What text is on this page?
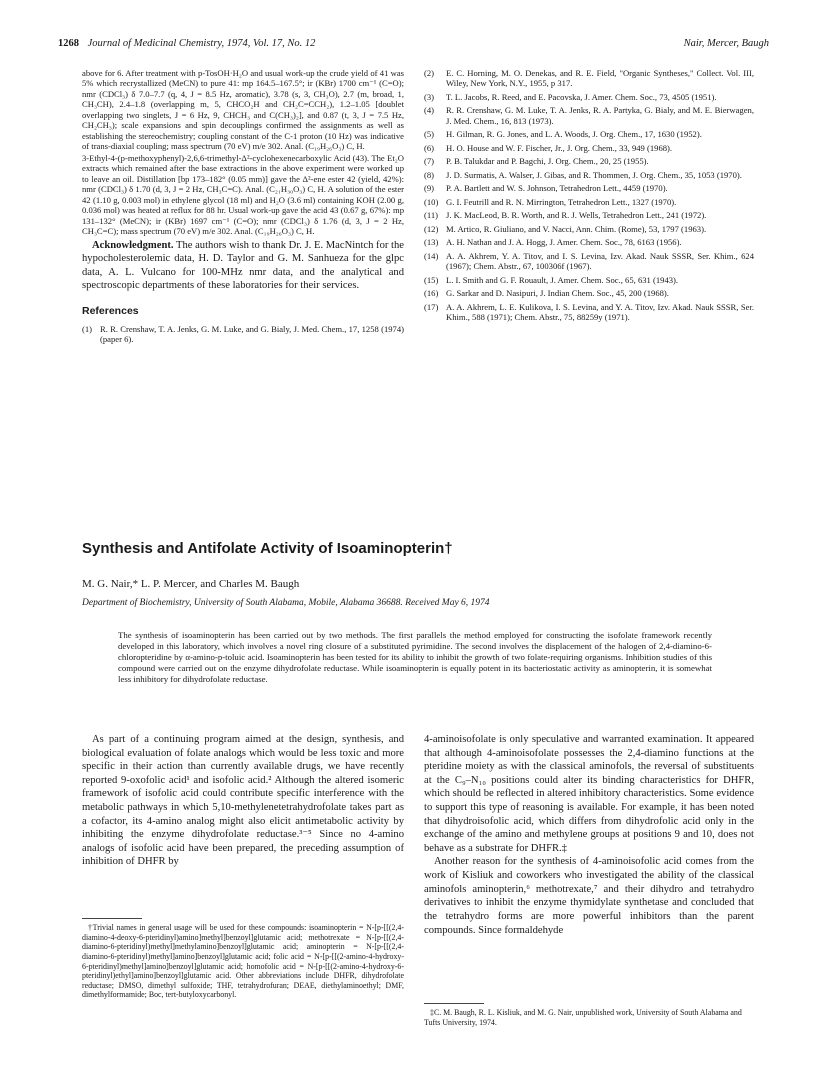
1268 Journal of Medicinal Chemistry, 1974, Vol. 17, No. 12	Nair, Mercer, Baugh

above for 6. After treatment with p-TosOH·H₂O and usual work-up the crude yield of 41 was 5% which recrystallized (MeCN) to pure 41: mp 164.5–167.5°; ir (KBr) 1700 cm⁻¹ (C=O); nmr (CDCl₃) δ 7.0–7.7 (q, 4, J = 8.5 Hz, aromatic), 3.78 (s, 3, CH₃O), 2.7 (m, broad, 1, CH₃CH), 2.4–1.8 (overlapping m, 5, CHCO₂H and CH₂C=CCH₂), 1.2–1.05 [doublet overlapping two singlets, J = 6 Hz, 9, CHCH₃ and C(CH₃)₂], and 0.87 (t, 3, J = 7.5 Hz, CH₂CH₃); scale expansions and spin decouplings confirmed the assignments as well as establishing the stereochemistry; coupling constant of the C-1 proton (10 Hz) was indicative of trans-diaxial coupling; mass spectrum (70 eV) m/e 302. Anal. (C₁₉H₂₆O₃) C, H.

3-Ethyl-4-(p-methoxyphenyl)-2,6,6-trimethyl-Δ²-cyclohexenecarboxylic Acid (43). The Et₂O extracts which remained after the base extractions in the above experiment were worked up to leave an oil. Distillation [bp 173–182° (0.05 mm)] gave the Δ²-ene ester 42 (yield, 42%): nmr (CDCl₃) δ 1.70 (d, 3, J = 2 Hz, CH₃C=C). Anal. (C₂₁H₃₀O₃) C, H. A solution of the ester 42 (1.10 g, 0.003 mol) in ethylene glycol (18 ml) and H₂O (3.6 ml) containing KOH (2.00 g, 0.036 mol) was heated at reflux for 88 hr. Usual work-up gave the acid 43 (0.67 g, 67%): mp 131–132° (MeCN); ir (KBr) 1697 cm⁻¹ (C=O); nmr (CDCl₃) δ 1.76 (d, 3, J = 2 Hz, CH₃C=C); mass spectrum (70 eV) m/e 302. Anal. (C₁₉H₂₆O₃) C, H.

Acknowledgment. The authors wish to thank Dr. J. E. MacNintch for the hypocholesterolemic data, H. D. Taylor and G. M. Sanhueza for the glpc data, A. L. Vulcano for 100-MHz nmr data, and the analytical and spectroscopic departments of these laboratories for their services.

References
(1) R. R. Crenshaw, T. A. Jenks, G. M. Luke, and G. Bialy, J. Med. Chem., 17, 1258 (1974) (paper 6).
(2)	E. C. Horning, M. O. Denekas, and R. E. Field, "Organic Syntheses," Collect. Vol. III, Wiley, New York, N.Y., 1955, p 317.
(3)	T. L. Jacobs, R. Reed, and E. Pacovska, J. Amer. Chem. Soc., 73, 4505 (1951).
(4)	R. R. Crenshaw, G. M. Luke, T. A. Jenks, R. A. Partyka, G. Bialy, and M. E. Bierwagen, J. Med. Chem., 16, 813 (1973).
(5)	H. Gilman, R. G. Jones, and L. A. Woods, J. Org. Chem., 17, 1630 (1952).
(6)	H. O. House and W. F. Fischer, Jr., J. Org. Chem., 33, 949 (1968).
(7)	P. B. Talukdar and P. Bagchi, J. Org. Chem., 20, 25 (1955).
(8)	J. D. Surmatis, A. Walser, J. Gibas, and R. Thommen, J. Org. Chem., 35, 1053 (1970).
(9)	P. A. Bartlett and W. S. Johnson, Tetrahedron Lett., 4459 (1970).
(10) G. I. Feutrill and R. N. Mirrington, Tetrahedron Lett., 1327 (1970).
(11) J. K. MacLeod, B. R. Worth, and R. J. Wells, Tetrahedron Lett., 241 (1972).
(12) M. Artico, R. Giuliano, and V. Nacci, Ann. Chim. (Rome), 53, 1797 (1963).
(13) A. H. Nathan and J. A. Hogg, J. Amer. Chem. Soc., 78, 6163 (1956).
(14) A. A. Akhrem, Y. A. Titov, and I. S. Levina, Izv. Akad. Nauk SSSR, Ser. Khim., 624 (1967); Chem. Abstr., 67, 100306f (1967).
(15) L. I. Smith and G. F. Rouault, J. Amer. Chem. Soc., 65, 631 (1943).
(16) G. Sarkar and D. Nasipuri, J. Indian Chem. Soc., 45, 200 (1968).
(17) A. A. Akhrem, L. E. Kulikova, I. S. Levina, and Y. A. Titov, Izv. Akad. Nauk SSSR, Ser. Khim., 588 (1971); Chem. Abstr., 75, 88259y (1971).
Synthesis and Antifolate Activity of Isoaminopterin†
M. G. Nair,* L. P. Mercer, and Charles M. Baugh
Department of Biochemistry, University of South Alabama, Mobile, Alabama 36688. Received May 6, 1974
The synthesis of isoaminopterin has been carried out by two methods. The first parallels the method employed for constructing the isofolate framework recently developed in this laboratory, which involves a novel ring closure of a substituted pyrimidine. The second involves the displacement of the halogen of 2,4-diamino-6-chloropteridine by α-amino-p-toluic acid. Isoaminopterin has been tested for its ability to inhibit the growth of two folate-requiring organisms. Inhibition studies of this compound were carried out on the enzyme dihydrofolate reductase. While isoaminopterin is equally potent in its bacteriostatic activity as aminopterin, it is somewhat less inhibitory for dihydrofolate reductase.

As part of a continuing program aimed at the design, synthesis, and biological evaluation of folate analogs which would be less toxic and more specific in their action than currently available drugs, we have recently reported 9-oxofolic acid¹ and isofolic acid.² Although the altered isomeric framework of isofolic acid could contribute specific interference with the metabolic pathways in which 5,10-methylenetetrahydrofolate takes part as a cofactor, its 4-amino analog might also elicit antimetabolic activity by inhibiting the enzyme dihydrofolate reductase.³⁻⁵ Since no 4-amino analogs of isofolic acid have been prepared, the preceding assumption of inhibition of DHFR by

4-aminoisofolate is only speculative and warranted examination. It appeared that although 4-aminoisofolate possesses the 2,4-diamino functions at the pteridine moiety as with the classical aminofols, the reversal of substituents at the C₉–N₁₀ positions could alter its binding characteristics for DHFR, which should be reflected in altered inhibitory characteristics. Some evidence to support this type of reasoning is available. For example, it has been noted that dihydroisofolic acid, which differs from dihydrofolic acid only in the exchange of the amino and methylene groups at positions 9 and 10, does not behave as a substrate for DHFR.‡

Another reason for the synthesis of 4-aminoisofolic acid comes from the work of Kisliuk and coworkers who investigated the ability of the classical aminofols aminopterin,⁶ methotrexate,⁷ and their dihydro and tetrahydro derivatives to inhibit the enzyme thymidylate synthetase and concluded that the tetrahydro forms are more powerful inhibitors than the parent compounds. Since formaldehyde

†Trivial names in general usage will be used for these compounds: isoaminopterin = N-[p-[[(2,4-diamino-4-deoxy-6-pteridinyl)amino]methyl]benzoyl]glutamic acid; methotrexate = N-[p-[[(2,4-diamino-6-pteridinyl)methyl]methylamino]benzoyl]glutamic acid; aminopterin = N-[p-[[(2,4-diamino-6-pteridinyl)methyl]amino]benzoyl]glutamic acid; folic acid = N-[p-[[(2-amino-4-hydroxy-6-pteridinyl)methyl]amino]benzoyl]glutamic acid; homofolic acid = N-[p-[[(2-amino-4-hydroxy-6-pteridinyl)ethyl]amino]benzoyl]glutamic acid. Other abbreviations include DHFR, dihydrofolate reductase; DMSO, dimethyl sulfoxide; THF, tetrahydrofuran; DEAE, diethylaminoethyl; DMF, dimethylformamide; Boc, tert-butyloxycarbonyl.
‡C. M. Baugh, R. L. Kisliuk, and M. G. Nair, unpublished work, University of South Alabama and Tufts University, 1974.
